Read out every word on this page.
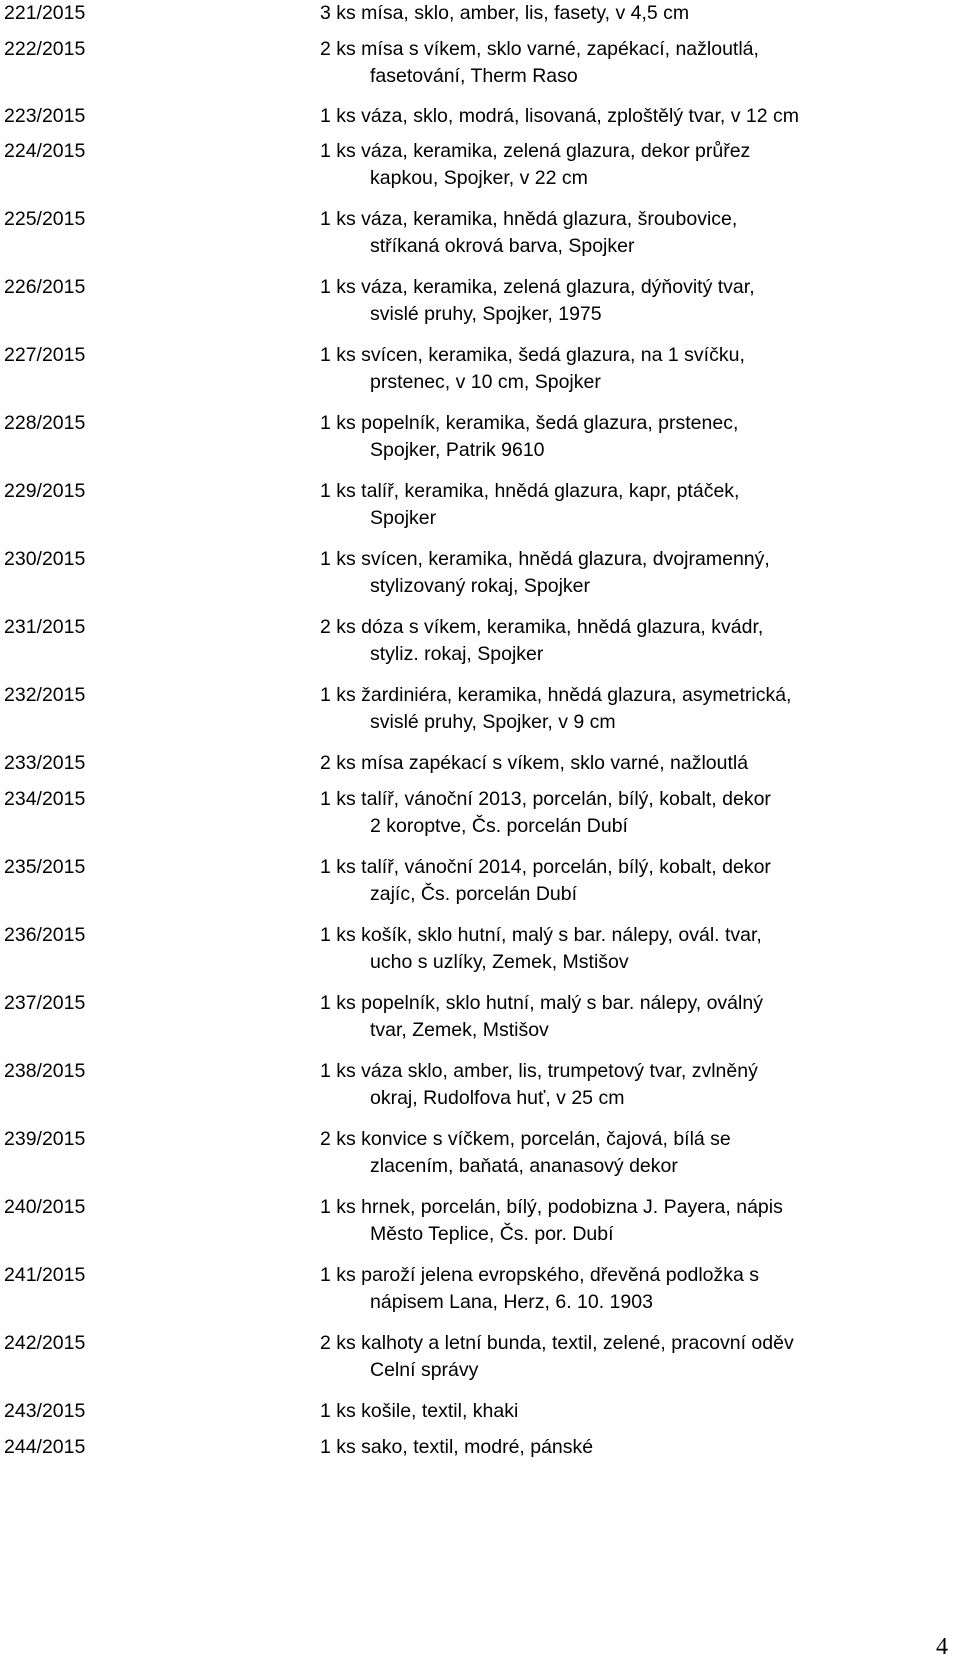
221/2015	3 ks mísa, sklo, amber, lis, fasety, v 4,5 cm
222/2015	2 ks mísa s víkem, sklo varné, zapékací, nažloutlá,
fasetování, Therm Raso
223/2015	1 ks váza, sklo, modrá, lisovaná, zploštělý tvar, v 12 cm
224/2015	1 ks váza, keramika, zelená glazura, dekor průřez
kapkou, Spojker, v 22 cm
225/2015	1 ks váza, keramika, hnědá glazura, šroubovice,
stříkaná okrová barva, Spojker
226/2015	1 ks váza, keramika, zelená glazura, dýňovitý tvar,
svislé pruhy, Spojker, 1975
227/2015	1 ks svícen, keramika, šedá glazura, na 1 svíčku,
prstenec, v 10 cm, Spojker
228/2015	1 ks popelník, keramika, šedá glazura, prstenec,
Spojker, Patrik 9610
229/2015	1 ks talíř, keramika, hnědá glazura, kapr, ptáček,
Spojker
230/2015	1 ks svícen, keramika, hnědá glazura, dvojramenný,
stylizovaný rokaj, Spojker
231/2015	2 ks dóza s víkem, keramika, hnědá glazura, kvádr,
styliz. rokaj, Spojker
232/2015	1 ks žardiniéra, keramika, hnědá glazura, asymetrická,
svislé pruhy, Spojker, v 9 cm
233/2015	2 ks mísa zapékací s víkem, sklo varné, nažloutlá
234/2015	1 ks talíř, vánoční 2013, porcelán, bílý, kobalt, dekor
2 koroptve, Čs. porcelán Dubí
235/2015	1 ks talíř, vánoční 2014, porcelán, bílý, kobalt, dekor
zajíc, Čs. porcelán Dubí
236/2015	1 ks košík, sklo hutní, malý s bar. nálepy, ovál. tvar,
ucho s uzlíky, Zemek, Mstišov
237/2015	1 ks popelník, sklo hutní, malý s bar. nálepy, oválný
tvar, Zemek, Mstišov
238/2015	1 ks váza sklo, amber, lis, trumpetový tvar, zvlněný
okraj, Rudolfova huť, v 25 cm
239/2015	2 ks konvice s víčkem, porcelán, čajová, bílá se
zlacením, baňatá, ananasový dekor
240/2015	1 ks hrnek, porcelán, bílý, podobizna J. Payera, nápis
Město Teplice, Čs. por. Dubí
241/2015	1 ks paroží jelena evropského, dřevěná podložka s
nápisem Lana, Herz, 6. 10. 1903
242/2015	2 ks kalhoty a letní bunda, textil, zelené, pracovní oděv
Celní správy
243/2015	1 ks košile, textil, khaki
244/2015	1 ks sako, textil, modré, pánské
4
